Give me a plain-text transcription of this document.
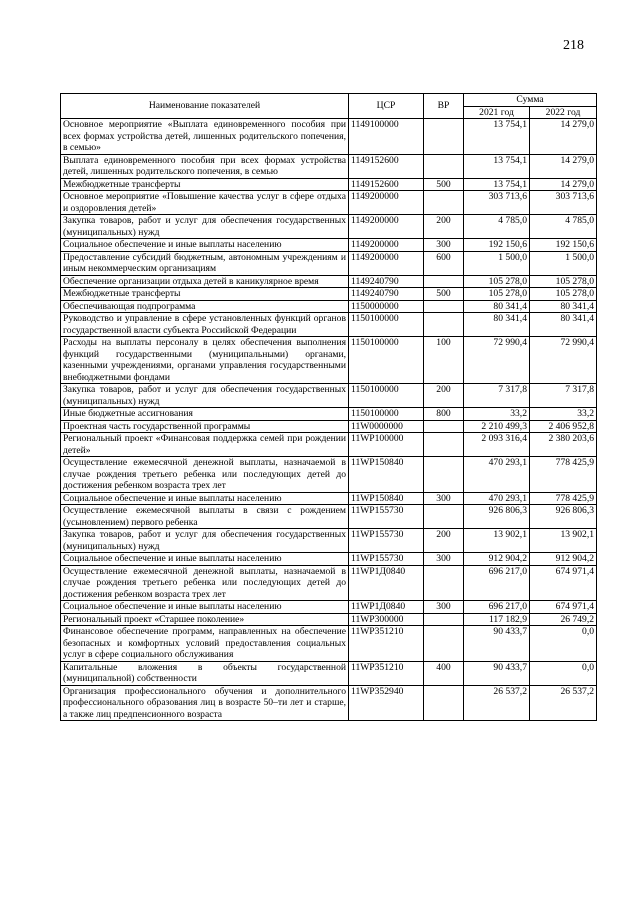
218
Наименование показателей	ЦСР	ВР	Сумма	
			2021 год	2022 год
Основное мероприятие «Выплата единовременного пособия при всех формах устройства детей, лишенных родительского попечения, в семью»	1149100000		13 754,1	14 279,0
Выплата единовременного пособия при всех формах устройства детей, лишенных родительского попечения, в семью	1149152600		13 754,1	14 279,0
Межбюджетные трансферты	1149152600	500	13 754,1	14 279,0
Основное мероприятие «Повышение качества услуг в сфере отдыха и оздоровления детей»	1149200000		303 713,6	303 713,6
Закупка товаров, работ и услуг для обеспечения государственных (муниципальных) нужд	1149200000	200	4 785,0	4 785,0
Социальное обеспечение и иные выплаты населению	1149200000	300	192 150,6	192 150,6
Предоставление субсидий бюджетным, автономным учреждениям и иным некоммерческим организациям	1149200000	600	1 500,0	1 500,0
Обеспечение организации отдыха детей в каникулярное время	1149240790		105 278,0	105 278,0
Межбюджетные трансферты	1149240790	500	105 278,0	105 278,0
Обеспечивающая подпрограмма	1150000000		80 341,4	80 341,4
Руководство и управление в сфере установленных функций органов государственной власти субъекта Российской Федерации	1150100000		80 341,4	80 341,4
Расходы на выплаты персоналу в целях обеспечения выполнения функций государственными (муниципальными) органами, казенными учреждениями, органами управления государственными внебюджетными фондами	1150100000	100	72 990,4	72 990,4
Закупка товаров, работ и услуг для обеспечения государственных (муниципальных) нужд	1150100000	200	7 317,8	7 317,8
Иные бюджетные ассигнования	1150100000	800	33,2	33,2
Проектная часть государственной программы	11W0000000		2 210 499,3	2 406 952,8
Региональный проект «Финансовая поддержка семей при рождении детей»	11WP100000		2 093 316,4	2 380 203,6
Осуществление ежемесячной денежной выплаты, назначаемой в случае рождения третьего ребенка или последующих детей до достижения ребенком возраста трех лет	11WP150840		470 293,1	778 425,9
Социальное обеспечение и иные выплаты населению	11WP150840	300	470 293,1	778 425,9
Осуществление ежемесячной выплаты в связи с рождением (усыновлением) первого ребенка	11WP155730		926 806,3	926 806,3
Закупка товаров, работ и услуг для обеспечения государственных (муниципальных) нужд	11WP155730	200	13 902,1	13 902,1
Социальное обеспечение и иные выплаты населению	11WP155730	300	912 904,2	912 904,2
Осуществление ежемесячной денежной выплаты, назначаемой в случае рождения третьего ребенка или последующих детей до достижения ребенком возраста трех лет	11WP1Д0840		696 217,0	674 971,4
Социальное обеспечение и иные выплаты населению	11WP1Д0840	300	696 217,0	674 971,4
Региональный проект «Старшее поколение»	11WP300000		117 182,9	26 749,2
Финансовое обеспечение программ, направленных на обеспечение безопасных и комфортных условий предоставления социальных услуг в сфере социального обслуживания	11WP351210		90 433,7	0,0
Капитальные вложения в объекты государственной (муниципальной) собственности	11WP351210	400	90 433,7	0,0
Организация профессионального обучения и дополнительного профессионального образования лиц в возрасте 50–ти лет и старше, а также лиц предпенсионного возраста	11WP352940		26 537,2	26 537,2
